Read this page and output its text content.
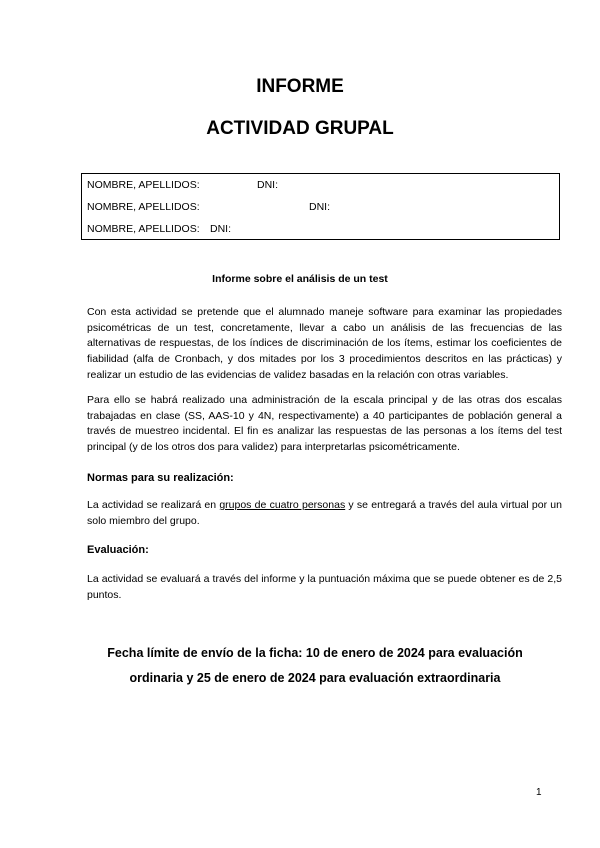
INFORME
ACTIVIDAD GRUPAL
NOMBRE, APELLIDOS:	DNI:
NOMBRE, APELLIDOS:	DNI:
NOMBRE, APELLIDOS: DNI:
Informe sobre el análisis de un test
Con esta actividad se pretende que el alumnado maneje software para examinar las propiedades psicométricas de un test, concretamente, llevar a cabo un análisis de las frecuencias de las alternativas de respuestas, de los índices de discriminación de los ítems, estimar los coeficientes de fiabilidad (alfa de Cronbach, y dos mitades por los 3 procedimientos descritos en las prácticas) y realizar un estudio de las evidencias de validez basadas en la relación con otras variables.
Para ello se habrá realizado una administración de la escala principal y de las otras dos escalas trabajadas en clase (SS, AAS-10 y 4N, respectivamente) a 40 participantes de población general a través de muestreo incidental. El fin es analizar las respuestas de las personas a los ítems del test principal (y de los otros dos para validez) para interpretarlas psicométricamente.
Normas para su realización:
La actividad se realizará en grupos de cuatro personas y se entregará a través del aula virtual por un solo miembro del grupo.
Evaluación:
La actividad se evaluará a través del informe y la puntuación máxima que se puede obtener es de 2,5 puntos.
Fecha límite de envío de la ficha: 10 de enero de 2024 para evaluación
ordinaria y 25 de enero de 2024 para evaluación extraordinaria
1
